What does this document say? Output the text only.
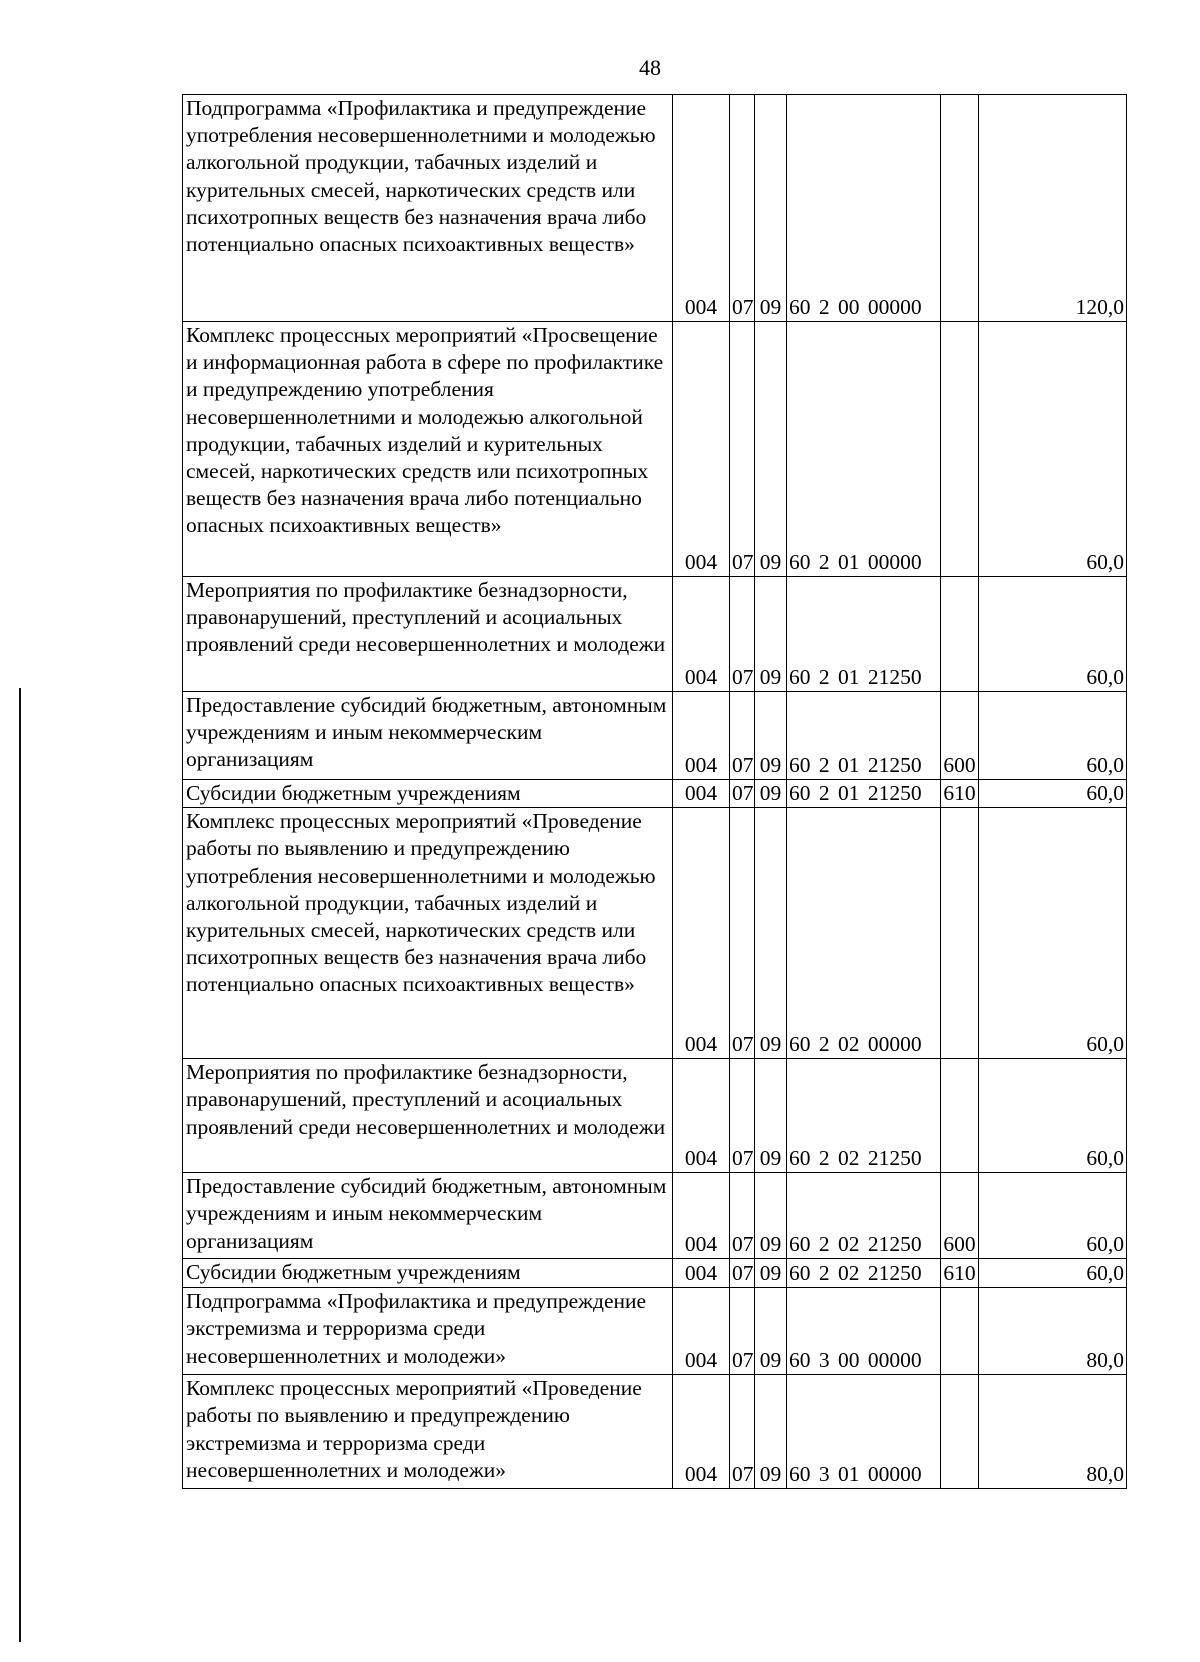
48
Подпрограмма «Профилактика и предупреждение употребления несовершеннолетними и молодежью алкогольной продукции, табачных изделий и курительных смесей, наркотических средств или психотропных веществ без назначения врача либо потенциально опасных психоактивных веществ»	004	07	09	60 2 00 00000		120,0
Комплекс процессных мероприятий «Просвещение и информационная работа в сфере по профилактике и предупреждению употребления несовершеннолетними и молодежью алкогольной продукции, табачных изделий и курительных смесей, наркотических средств или психотропных веществ без назначения врача либо потенциально опасных психоактивных веществ»	004	07	09	60 2 01 00000		60,0
Мероприятия по профилактике безнадзорности, правонарушений, преступлений и асоциальных проявлений среди несовершеннолетних и молодежи	004	07	09	60 2 01 21250		60,0
Предоставление субсидий бюджетным, автономным учреждениям и иным некоммерческим организациям	004	07	09	60 2 01 21250	600	60,0
Субсидии бюджетным учреждениям	004	07	09	60 2 01 21250	610	60,0
Комплекс процессных мероприятий «Проведение работы по выявлению и предупреждению употребления несовершеннолетними и молодежью алкогольной продукции, табачных изделий и курительных смесей, наркотических средств или психотропных веществ без назначения врача либо потенциально опасных психоактивных веществ»	004	07	09	60 2 02 00000		60,0
Мероприятия по профилактике безнадзорности, правонарушений, преступлений и асоциальных проявлений среди несовершеннолетних и молодежи	004	07	09	60 2 02 21250		60,0
Предоставление субсидий бюджетным, автономным учреждениям и иным некоммерческим организациям	004	07	09	60 2 02 21250	600	60,0
Субсидии бюджетным учреждениям	004	07	09	60 2 02 21250	610	60,0
Подпрограмма «Профилактика и предупреждение экстремизма и терроризма среди несовершеннолетних и молодежи»	004	07	09	60 3 00 00000		80,0
Комплекс процессных мероприятий «Проведение работы по выявлению и предупреждению экстремизма и терроризма среди несовершеннолетних и молодежи»	004	07	09	60 3 01 00000		80,0
